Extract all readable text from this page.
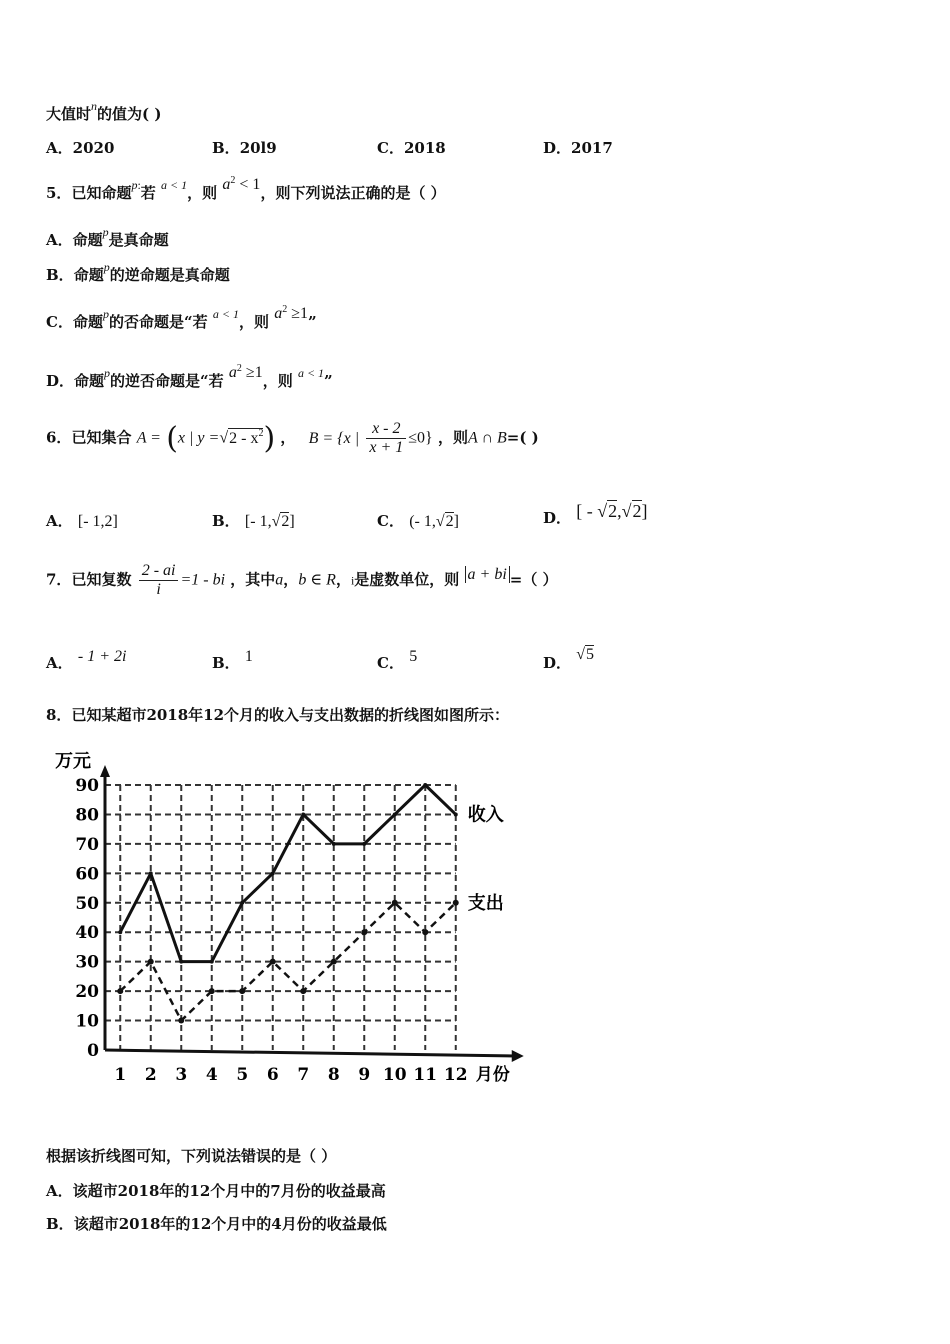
大值时$^n$的值为( )
A．2020	B．20l9	C．2018	D．2017
5．已知命题$^{p:}$若 $^{a < 1}$，则 $^{a^2 < 1}$，则下列说法正确的是（ ）
A．命题$^p$是真命题
B．命题$^p$的逆命题是真命题
C．命题$^p$的否命题是“若 $^{a < 1}$，则 $^{a^2 \ge 1}$”
D．命题$^p$的逆否命题是“若 $^{a^2 \ge 1}$，则 $^{a < 1}$”
6．已知集合 A = (x | $y =√2 - x^2$) ， B = {x | $\frac{x - 2}{x + 1} \le 0$} ，则A ∩ B=( )
A． [- 1,2]	B． [- 1,√2]	C． (- 1,√2]	D． [ - √2,√2]
7．已知复数 $\frac{2 - ai}{i} =1$ - bi ，其中a，b ∈ R，i是虚数单位，则 a + bi =（ ）
A． - 1 + 2i	B． 1	C． 5	D． √5
8．已知某超市2018年12个月的收入与支出数据的折线图如图所示：
0
10
20
30
40
50
60
70
80
90
1 2 3 4 5 6 7 8 9 10 11 12
万元
月份
收入
支出
根据该折线图可知，下列说法错误的是（ ）
A．该超市2018年的12个月中的7月份的收益最高
B．该超市2018年的12个月中的4月份的收益最低
